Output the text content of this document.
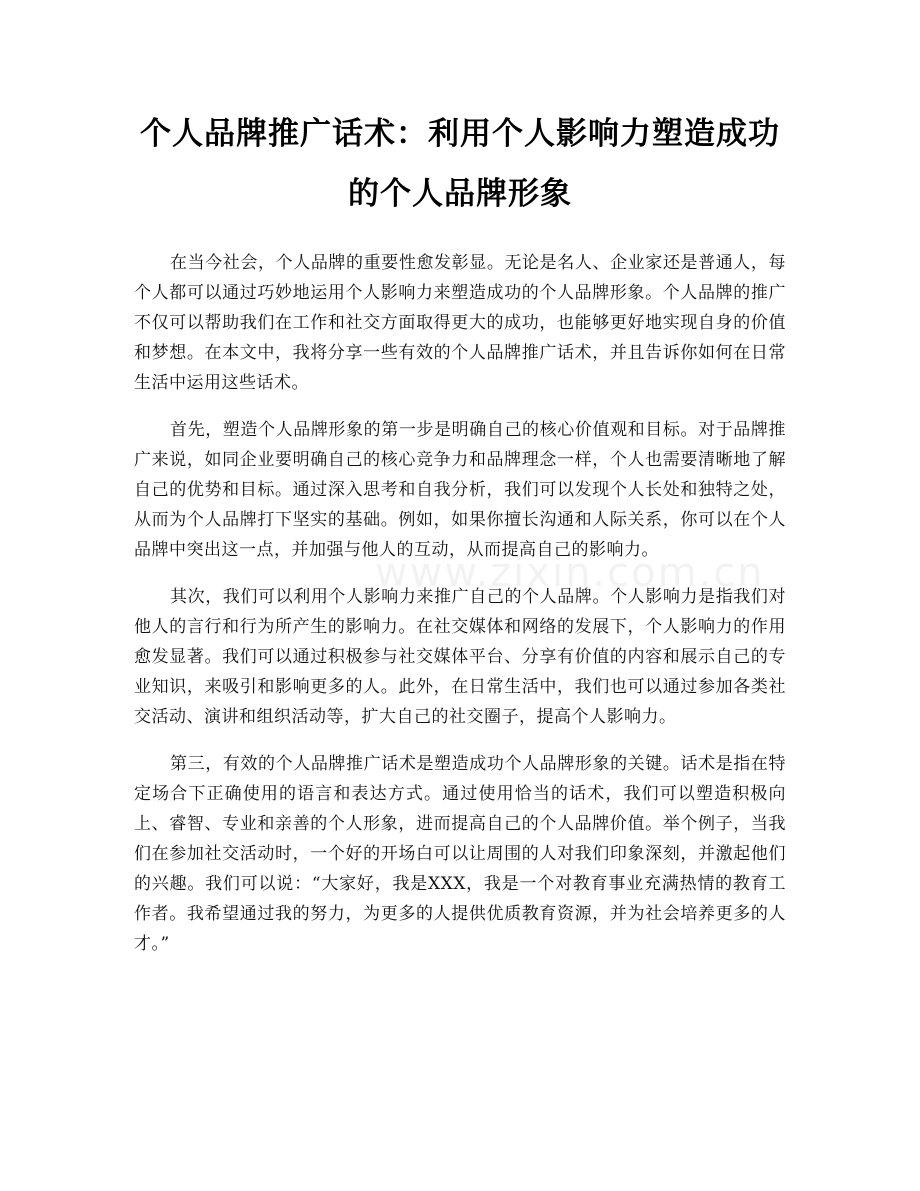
个人品牌推广话术：利用个人影响力塑造成功的个人品牌形象

在当今社会，个人品牌的重要性愈发彰显。无论是名人、企业家还是普通人，每个人都可以通过巧妙地运用个人影响力来塑造成功的个人品牌形象。个人品牌的推广不仅可以帮助我们在工作和社交方面取得更大的成功，也能够更好地实现自身的价值和梦想。在本文中，我将分享一些有效的个人品牌推广话术，并且告诉你如何在日常生活中运用这些话术。

首先，塑造个人品牌形象的第一步是明确自己的核心价值观和目标。对于品牌推广来说，如同企业要明确自己的核心竞争力和品牌理念一样，个人也需要清晰地了解自己的优势和目标。通过深入思考和自我分析，我们可以发现个人长处和独特之处，从而为个人品牌打下坚实的基础。例如，如果你擅长沟通和人际关系，你可以在个人品牌中突出这一点，并加强与他人的互动，从而提高自己的影响力。

其次，我们可以利用个人影响力来推广自己的个人品牌。个人影响力是指我们对他人的言行和行为所产生的影响力。在社交媒体和网络的发展下，个人影响力的作用愈发显著。我们可以通过积极参与社交媒体平台、分享有价值的内容和展示自己的专业知识，来吸引和影响更多的人。此外，在日常生活中，我们也可以通过参加各类社交活动、演讲和组织活动等，扩大自己的社交圈子，提高个人影响力。

第三，有效的个人品牌推广话术是塑造成功个人品牌形象的关键。话术是指在特定场合下正确使用的语言和表达方式。通过使用恰当的话术，我们可以塑造积极向上、睿智、专业和亲善的个人形象，进而提高自己的个人品牌价值。举个例子，当我们在参加社交活动时，一个好的开场白可以让周围的人对我们印象深刻，并激起他们的兴趣。我们可以说：“大家好，我是XXX，我是一个对教育事业充满热情的教育工作者。我希望通过我的努力，为更多的人提供优质教育资源，并为社会培养更多的人才。”

www.zixin.com.cn
